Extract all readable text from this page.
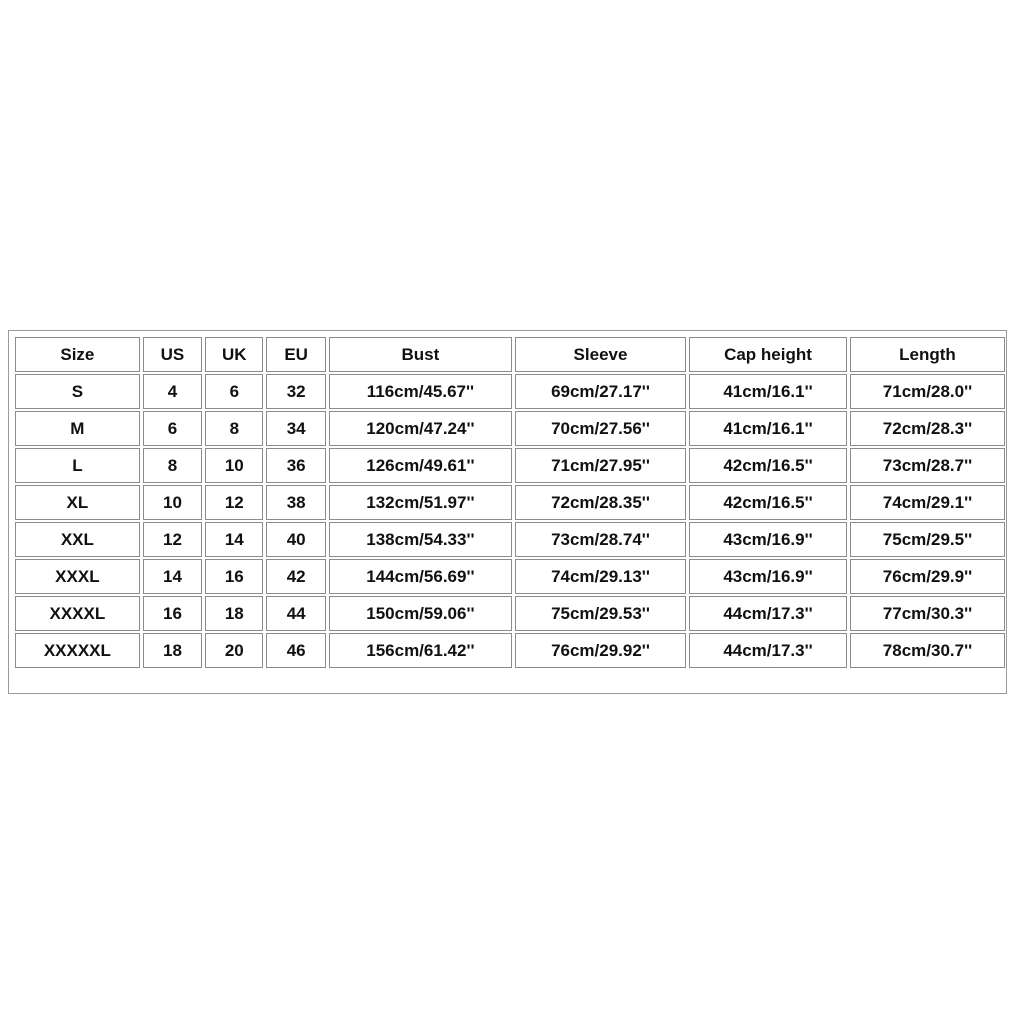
Size	US	UK	EU	Bust	Sleeve	Cap height	Length
S	4	6	32	116cm/45.67''	69cm/27.17''	41cm/16.1''	71cm/28.0''
M	6	8	34	120cm/47.24''	70cm/27.56''	41cm/16.1''	72cm/28.3''
L	8	10	36	126cm/49.61''	71cm/27.95''	42cm/16.5''	73cm/28.7''
XL	10	12	38	132cm/51.97''	72cm/28.35''	42cm/16.5''	74cm/29.1''
XXL	12	14	40	138cm/54.33''	73cm/28.74''	43cm/16.9''	75cm/29.5''
XXXL	14	16	42	144cm/56.69''	74cm/29.13''	43cm/16.9''	76cm/29.9''
XXXXL	16	18	44	150cm/59.06''	75cm/29.53''	44cm/17.3''	77cm/30.3''
XXXXXL	18	20	46	156cm/61.42''	76cm/29.92''	44cm/17.3''	78cm/30.7''
